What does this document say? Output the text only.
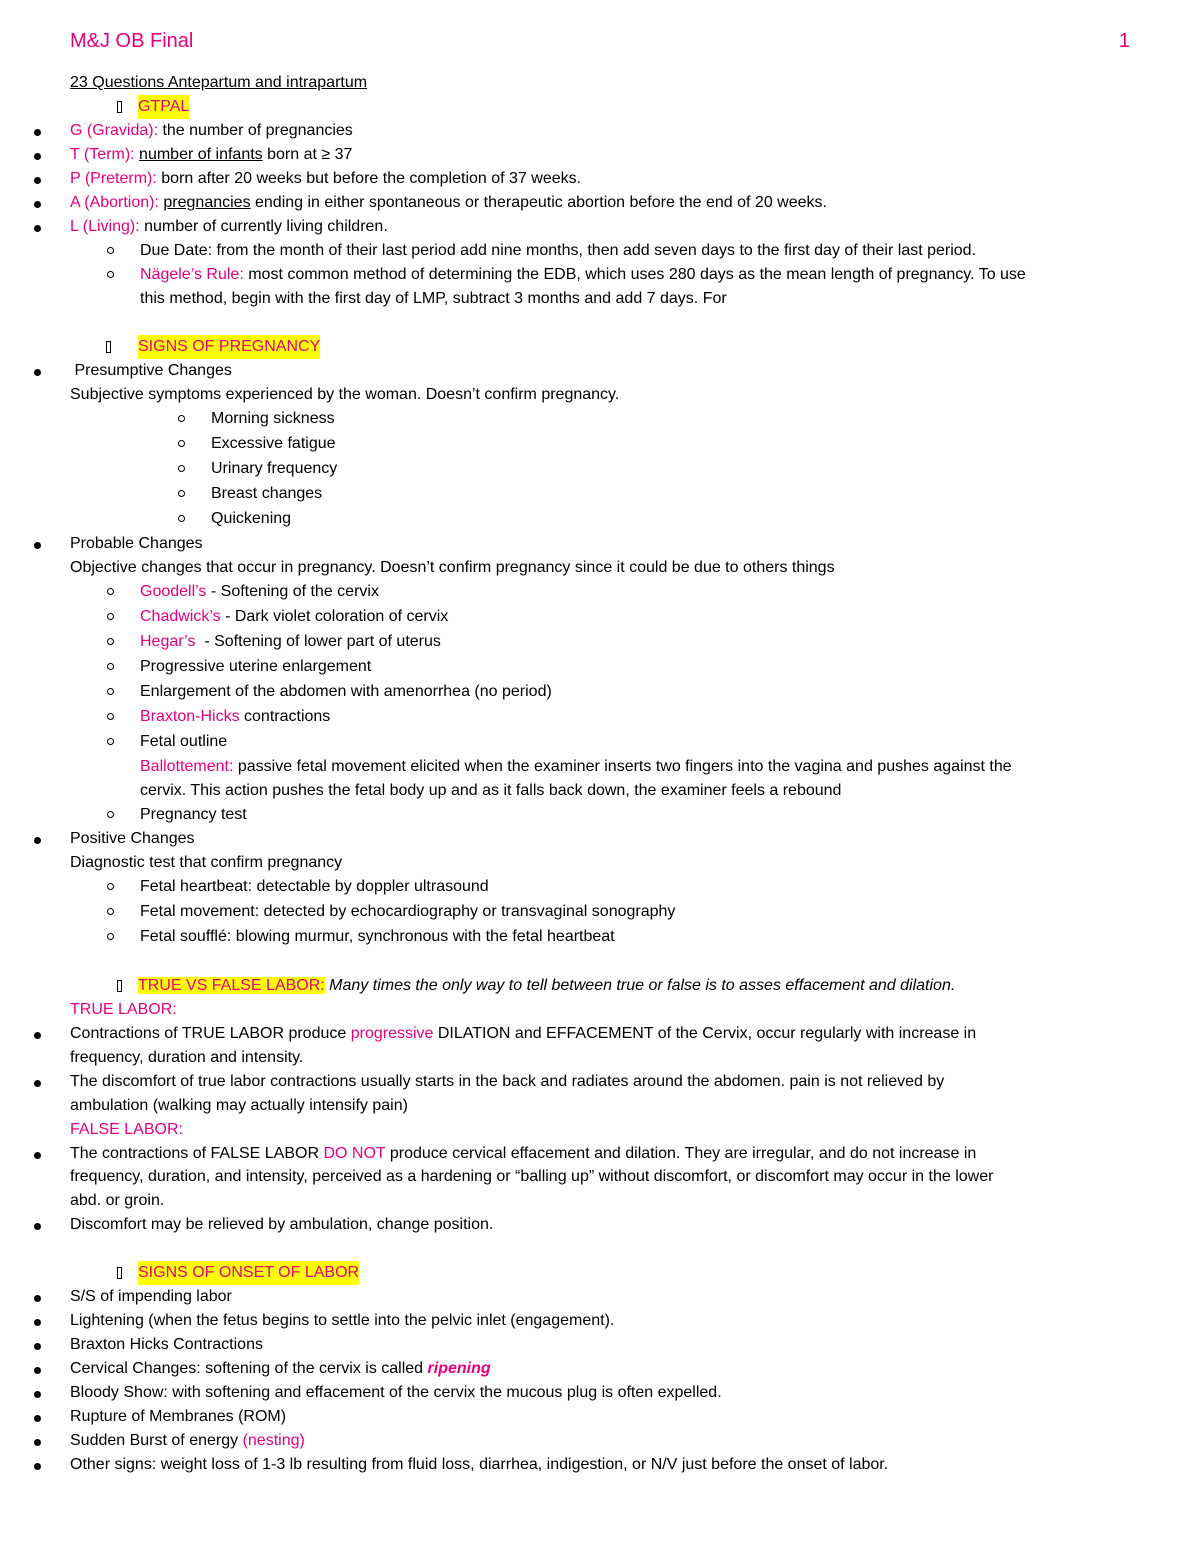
M&J OB Final	1
23 Questions Antepartum and intrapartum
GTPAL
G (Gravida): the number of pregnancies
T (Term): number of infants born at ≥ 37
P (Preterm): born after 20 weeks but before the completion of 37 weeks.
A (Abortion): pregnancies ending in either spontaneous or therapeutic abortion before the end of 20 weeks.
L (Living): number of currently living children.
Due Date: from the month of their last period add nine months, then add seven days to the first day of their last period.
Nägele’s Rule: most common method of determining the EDB, which uses 280 days as the mean length of pregnancy. To use
this method, begin with the first day of LMP, subtract 3 months and add 7 days. For
SIGNS OF PREGNANCY
Presumptive Changes
Subjective symptoms experienced by the woman. Doesn’t confirm pregnancy.
Morning sickness
Excessive fatigue
Urinary frequency
Breast changes
Quickening
Probable Changes
Objective changes that occur in pregnancy. Doesn’t confirm pregnancy since it could be due to others things
Goodell’s - Softening of the cervix
Chadwick’s - Dark violet coloration of cervix
Hegar’s  - Softening of lower part of uterus
Progressive uterine enlargement
Enlargement of the abdomen with amenorrhea (no period)
Braxton-Hicks contractions
Fetal outline
Ballottement: passive fetal movement elicited when the examiner inserts two fingers into the vagina and pushes against the
cervix. This action pushes the fetal body up and as it falls back down, the examiner feels a rebound
Pregnancy test
Positive Changes
Diagnostic test that confirm pregnancy
Fetal heartbeat: detectable by doppler ultrasound
Fetal movement: detected by echocardiography or transvaginal sonography
Fetal soufflé: blowing murmur, synchronous with the fetal heartbeat
TRUE VS FALSE LABOR: Many times the only way to tell between true or false is to asses effacement and dilation.
TRUE LABOR:
Contractions of TRUE LABOR produce progressive DILATION and EFFACEMENT of the Cervix, occur regularly with increase in
frequency, duration and intensity.
The discomfort of true labor contractions usually starts in the back and radiates around the abdomen. pain is not relieved by
ambulation (walking may actually intensify pain)
FALSE LABOR:
The contractions of FALSE LABOR DO NOT produce cervical effacement and dilation. They are irregular, and do not increase in
frequency, duration, and intensity, perceived as a hardening or “balling up” without discomfort, or discomfort may occur in the lower
abd. or groin.
Discomfort may be relieved by ambulation, change position.
SIGNS OF ONSET OF LABOR
S/S of impending labor
Lightening (when the fetus begins to settle into the pelvic inlet (engagement).
Braxton Hicks Contractions
Cervical Changes: softening of the cervix is called ripening
Bloody Show: with softening and effacement of the cervix the mucous plug is often expelled.
Rupture of Membranes (ROM)
Sudden Burst of energy (nesting)
Other signs: weight loss of 1-3 lb resulting from fluid loss, diarrhea, indigestion, or N/V just before the onset of labor.
